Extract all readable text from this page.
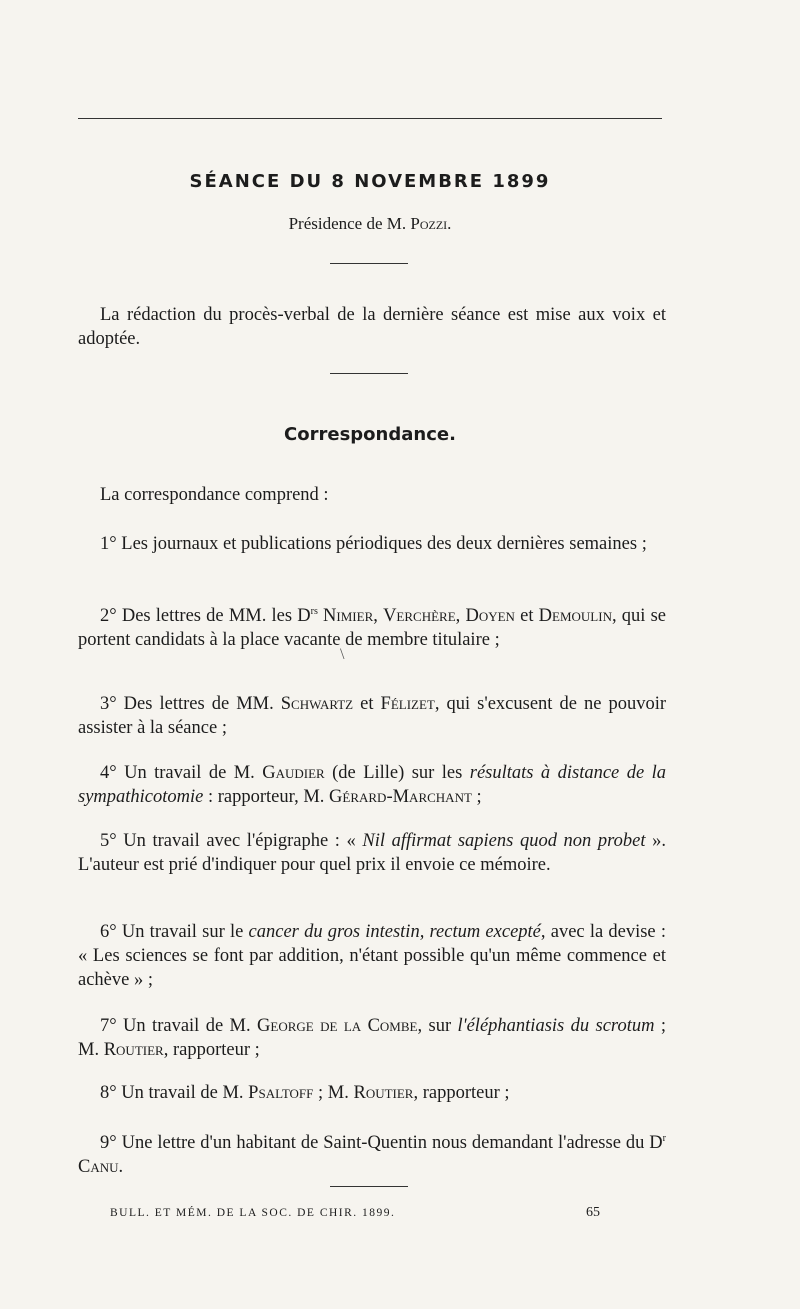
SÉANCE DU 8 NOVEMBRE 1899
Présidence de M. Pozzi.
La rédaction du procès-verbal de la dernière séance est mise aux voix et adoptée.
Correspondance.
La correspondance comprend :
1° Les journaux et publications périodiques des deux dernières semaines ;
2° Des lettres de MM. les $D^{rs}$ Nimier, Verchère, Doyen et Demoulin, qui se portent candidats à la place vacante de membre titulaire ;
\
3° Des lettres de MM. Schwartz et Félizet, qui s'excusent de ne pouvoir assister à la séance ;
4° Un travail de M. Gaudier (de Lille) sur les résultats à distance de la sympathicotomie : rapporteur, M. Gérard-Marchant ;
5° Un travail avec l'épigraphe : « Nil affirmat sapiens quod non probet ». L'auteur est prié d'indiquer pour quel prix il envoie ce mémoire.
6° Un travail sur le cancer du gros intestin, rectum excepté, avec la devise : « Les sciences se font par addition, n'étant possible qu'un même commence et achève » ;
7° Un travail de M. George de la Combe, sur l'éléphantiasis du scrotum ; M. Routier, rapporteur ;
8° Un travail de M. Psaltoff ; M. Routier, rapporteur ;
9° Une lettre d'un habitant de Saint-Quentin nous demandant l'adresse du $D^r$ Canu.
BULL. ET MÉM. DE LA SOC. DE CHIR. 1899.	65
